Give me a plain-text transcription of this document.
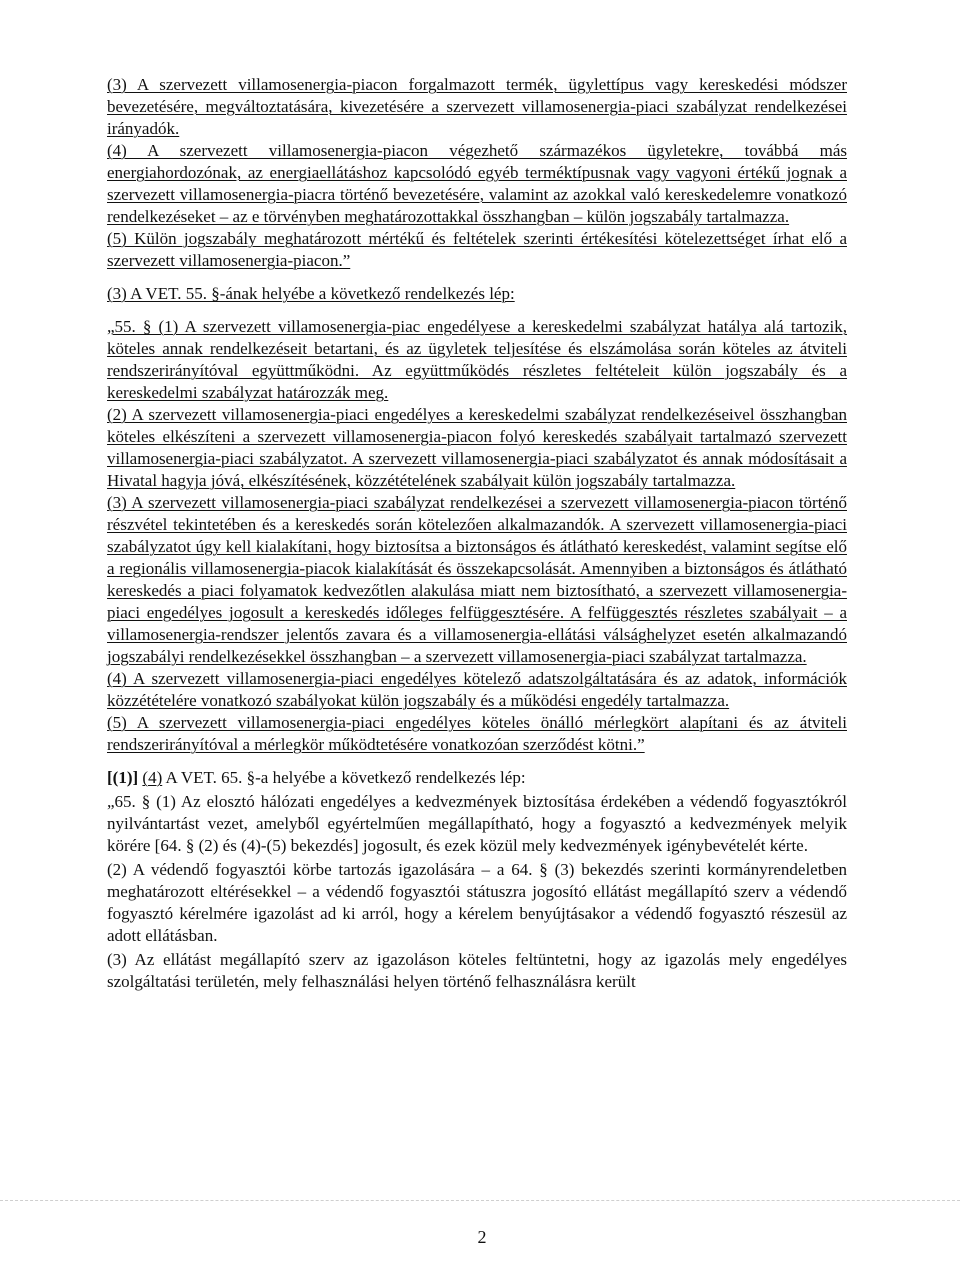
(3) A szervezett villamosenergia-piacon forgalmazott termék, ügylettípus vagy kereskedési módszer bevezetésére, megváltoztatására, kivezetésére a szervezett villamosenergia-piaci szabályzat rendelkezései irányadók.

(4) A szervezett villamosenergia-piacon végezhető származékos ügyletekre, továbbá más energiahordozónak, az energiaellátáshoz kapcsolódó egyéb terméktípusnak vagy vagyoni értékű jognak a szervezett villamosenergia-piacra történő bevezetésére, valamint az azokkal való kereskedelemre vonatkozó rendelkezéseket – az e törvényben meghatározottakkal összhangban – külön jogszabály tartalmazza.

(5) Külön jogszabály meghatározott mértékű és feltételek szerinti értékesítési kötelezettséget írhat elő a szervezett villamosenergia-piacon.”

(3) A VET. 55. §-ának helyébe a következő rendelkezés lép:

„55. § (1) A szervezett villamosenergia-piac engedélyese a kereskedelmi szabályzat hatálya alá tartozik, köteles annak rendelkezéseit betartani, és az ügyletek teljesítése és elszámolása során köteles az átviteli rendszerirányítóval együttműködni. Az együttműködés részletes feltételeit külön jogszabály és a kereskedelmi szabályzat határozzák meg.

(2) A szervezett villamosenergia-piaci engedélyes a kereskedelmi szabályzat rendelkezéseivel összhangban köteles elkészíteni a szervezett villamosenergia-piacon folyó kereskedés szabályait tartalmazó szervezett villamosenergia-piaci szabályzatot. A szervezett villamosenergia-piaci szabályzatot és annak módosításait a Hivatal hagyja jóvá, elkészítésének, közzétételének szabályait külön jogszabály tartalmazza.

(3) A szervezett villamosenergia-piaci szabályzat rendelkezései a szervezett villamosenergia-piacon történő részvétel tekintetében és a kereskedés során kötelezően alkalmazandók. A szervezett villamosenergia-piaci szabályzatot úgy kell kialakítani, hogy biztosítsa a biztonságos és átlátható kereskedést, valamint segítse elő a regionális villamosenergia-piacok kialakítását és összekapcsolását. Amennyiben a biztonságos és átlátható kereskedés a piaci folyamatok kedvezőtlen alakulása miatt nem biztosítható, a szervezett villamosenergia-piaci engedélyes jogosult a kereskedés időleges felfüggesztésére. A felfüggesztés részletes szabályait – a villamosenergia-rendszer jelentős zavara és a villamosenergia-ellátási válsághelyzet esetén alkalmazandó jogszabályi rendelkezésekkel összhangban – a szervezett villamosenergia-piaci szabályzat tartalmazza.

(4) A szervezett villamosenergia-piaci engedélyes kötelező adatszolgáltatására és az adatok, információk közzétételére vonatkozó szabályokat külön jogszabály és a működési engedély tartalmazza.

(5) A szervezett villamosenergia-piaci engedélyes köteles önálló mérlegkört alapítani és az átviteli rendszerirányítóval a mérlegkör működtetésére vonatkozóan szerződést kötni.”

[(1)] (4) A VET. 65. §-a helyébe a következő rendelkezés lép:

„65. § (1) Az elosztó hálózati engedélyes a kedvezmények biztosítása érdekében a védendő fogyasztókról nyilvántartást vezet, amelyből egyértelműen megállapítható, hogy a fogyasztó a kedvezmények melyik körére [64. § (2) és (4)-(5) bekezdés] jogosult, és ezek közül mely kedvezmények igénybevételét kérte.

(2) A védendő fogyasztói körbe tartozás igazolására – a 64. § (3) bekezdés szerinti kormányrendeletben meghatározott eltérésekkel – a védendő fogyasztói státuszra jogosító ellátást megállapító szerv a védendő fogyasztó kérelmére igazolást ad ki arról, hogy a kérelem benyújtásakor a védendő fogyasztó részesül az adott ellátásban.

(3) Az ellátást megállapító szerv az igazoláson köteles feltüntetni, hogy az igazolás mely engedélyes szolgáltatási területén, mely felhasználási helyen történő felhasználásra került

2
